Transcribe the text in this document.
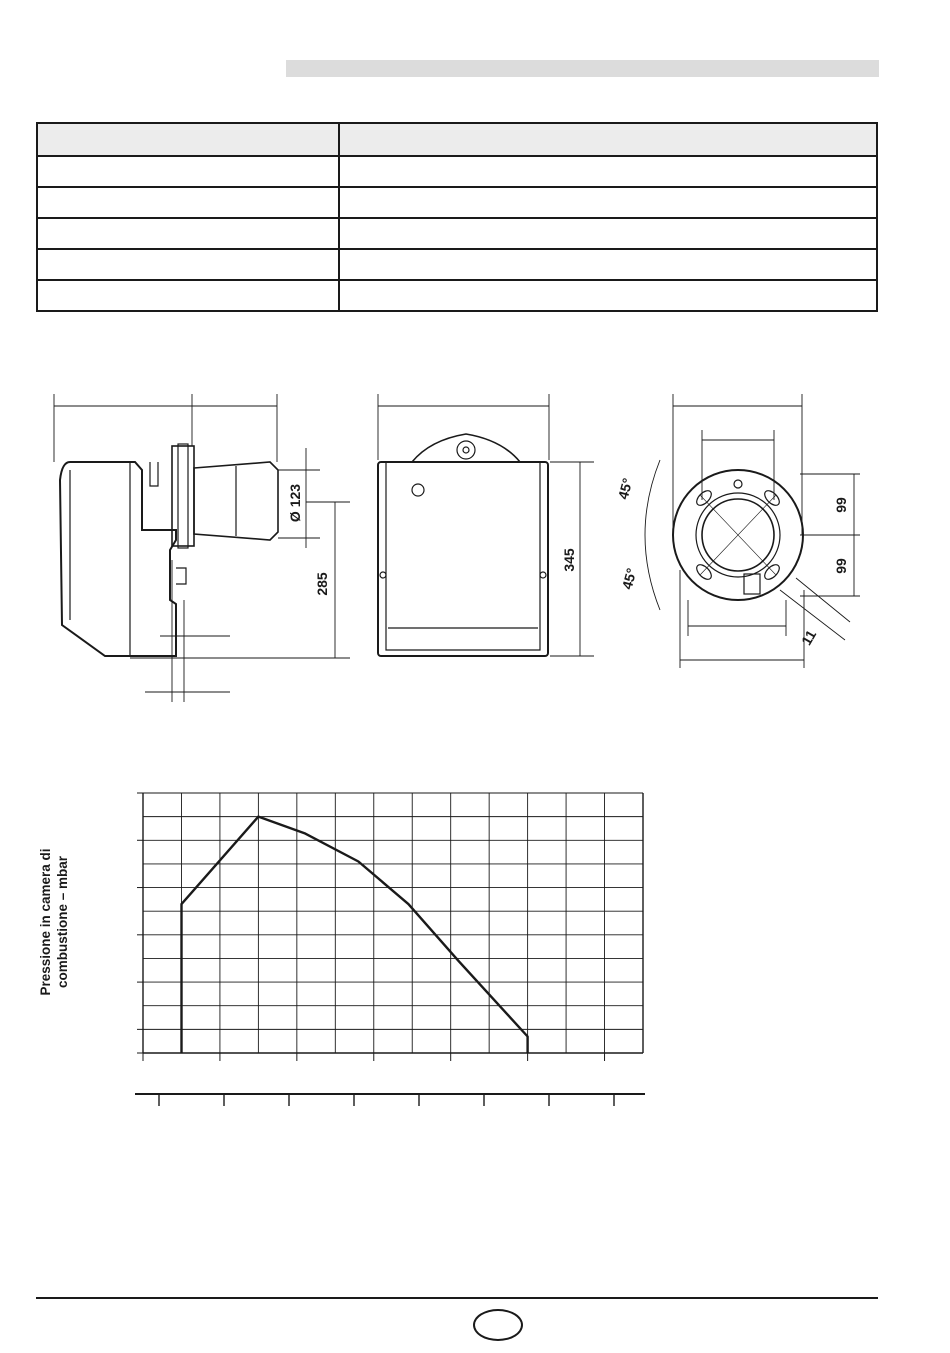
Ø 123
285
345
99
99
11
45°
45°
Pressione in camera di combustione – mbar
